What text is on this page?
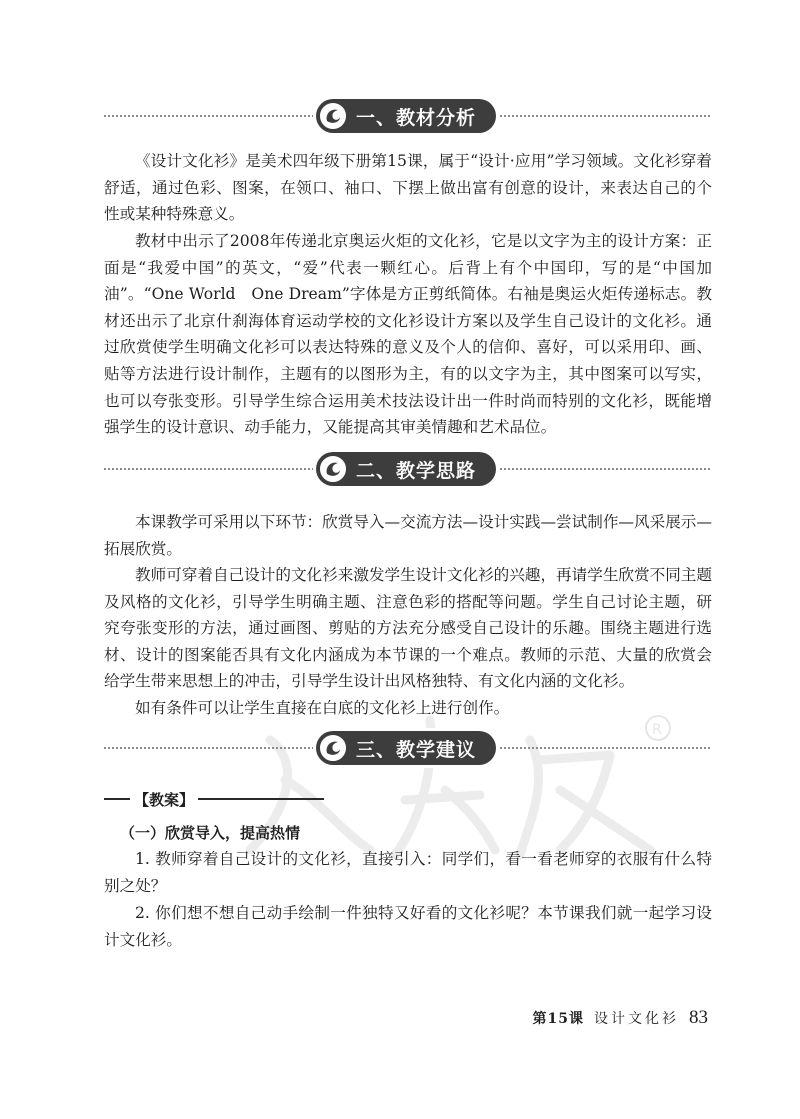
R
一、教材分析

《设计文化衫》是美术四年级下册第15课，属于“设计·应用”学习领域。文化衫穿着舒适，通过色彩、图案，在领口、袖口、下摆上做出富有创意的设计，来表达自己的个性或某种特殊意义。

教材中出示了2008年传递北京奥运火炬的文化衫，它是以文字为主的设计方案：正面是“我爱中国”的英文，“爱”代表一颗红心。后背上有个中国印，写的是“中国加油”。“One World　One Dream”字体是方正剪纸简体。右袖是奥运火炬传递标志。教材还出示了北京什刹海体育运动学校的文化衫设计方案以及学生自己设计的文化衫。通过欣赏使学生明确文化衫可以表达特殊的意义及个人的信仰、喜好，可以采用印、画、贴等方法进行设计制作，主题有的以图形为主，有的以文字为主，其中图案可以写实，也可以夸张变形。引导学生综合运用美术技法设计出一件时尚而特别的文化衫，既能增强学生的设计意识、动手能力，又能提高其审美情趣和艺术品位。

二、教学思路

本课教学可采用以下环节：欣赏导入—交流方法—设计实践—尝试制作—风采展示—拓展欣赏。

教师可穿着自己设计的文化衫来激发学生设计文化衫的兴趣，再请学生欣赏不同主题及风格的文化衫，引导学生明确主题、注意色彩的搭配等问题。学生自己讨论主题，研究夸张变形的方法，通过画图、剪贴的方法充分感受自己设计的乐趣。围绕主题进行选材、设计的图案能否具有文化内涵成为本节课的一个难点。教师的示范、大量的欣赏会给学生带来思想上的冲击，引导学生设计出风格独特、有文化内涵的文化衫。

如有条件可以让学生直接在白底的文化衫上进行创作。

三、教学建议
【教案】
（一）欣赏导入，提高热情

1. 教师穿着自己设计的文化衫，直接引入：同学们，看一看老师穿的衣服有什么特别之处？

2. 你们想不想自己动手绘制一件独特又好看的文化衫呢？本节课我们就一起学习设计文化衫。

第15课 设计文化衫 83
